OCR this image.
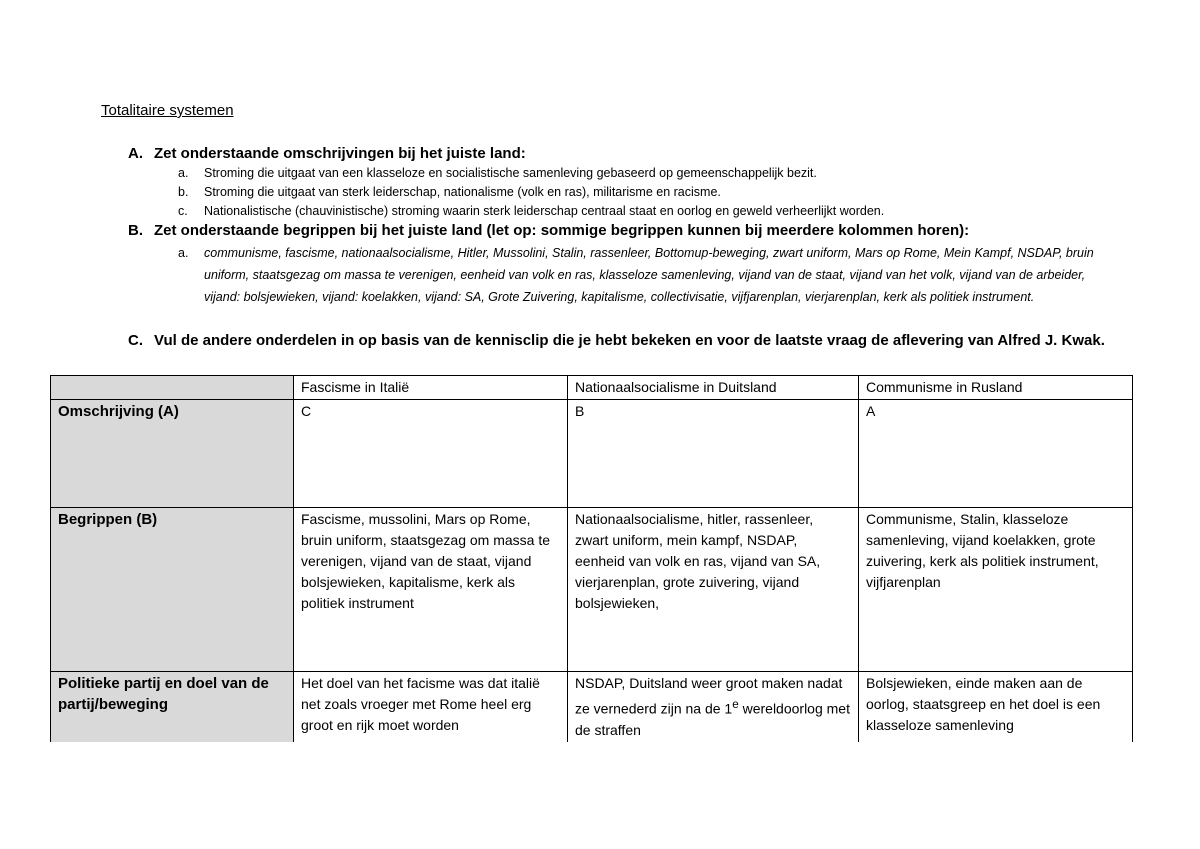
Totalitaire systemen
A. Zet onderstaande omschrijvingen bij het juiste land:
a. Stroming die uitgaat van een klasseloze en socialistische samenleving gebaseerd op gemeenschappelijk bezit.
b. Stroming die uitgaat van sterk leiderschap, nationalisme (volk en ras), militarisme en racisme.
c. Nationalistische (chauvinistische) stroming waarin sterk leiderschap centraal staat en oorlog en geweld verheerlijkt worden.
B. Zet onderstaande begrippen bij het juiste land (let op: sommige begrippen kunnen bij meerdere kolommen horen):
a.	communisme, fascisme, nationaalsocialisme, Hitler, Mussolini, Stalin, rassenleer, Bottomup-beweging, zwart uniform, Mars op Rome, Mein Kampf, NSDAP, bruin uniform, staatsgezag om massa te verenigen, eenheid van volk en ras, klasseloze samenleving, vijand van de staat, vijand van het volk, vijand van de arbeider, vijand: bolsjewieken, vijand: koelakken, vijand: SA, Grote Zuivering, kapitalisme, collectivisatie, vijfjarenplan, vierjarenplan, kerk als politiek instrument.
C. Vul de andere onderdelen in op basis van de kennisclip die je hebt bekeken en voor de laatste vraag de aflevering van Alfred J. Kwak.
	Fascisme in Italië	Nationaalsocialisme in Duitsland	Communisme in Rusland
Omschrijving (A)	C	B	A
Begrippen (B)	Fascisme, mussolini, Mars op Rome, bruin uniform, staatsgezag om massa te verenigen, vijand van de staat, vijand bolsjewieken, kapitalisme, kerk als politiek instrument	Nationaalsocialisme, hitler, rassenleer, zwart uniform, mein kampf, NSDAP, eenheid van volk en ras, vijand van SA, vierjarenplan, grote zuivering, vijand bolsjewieken,	Communisme, Stalin, klasseloze samenleving, vijand koelakken, grote zuivering, kerk als politiek instrument, vijfjarenplan
Politieke partij en doel van de partij/beweging	Het doel van het facisme was dat italië net zoals vroeger met Rome heel erg groot en rijk moet worden	NSDAP, Duitsland weer groot maken nadat ze vernederd zijn na de 1e wereldoorlog met de straffen	Bolsjewieken, einde maken aan de oorlog, staatsgreep en het doel is een klasseloze samenleving
